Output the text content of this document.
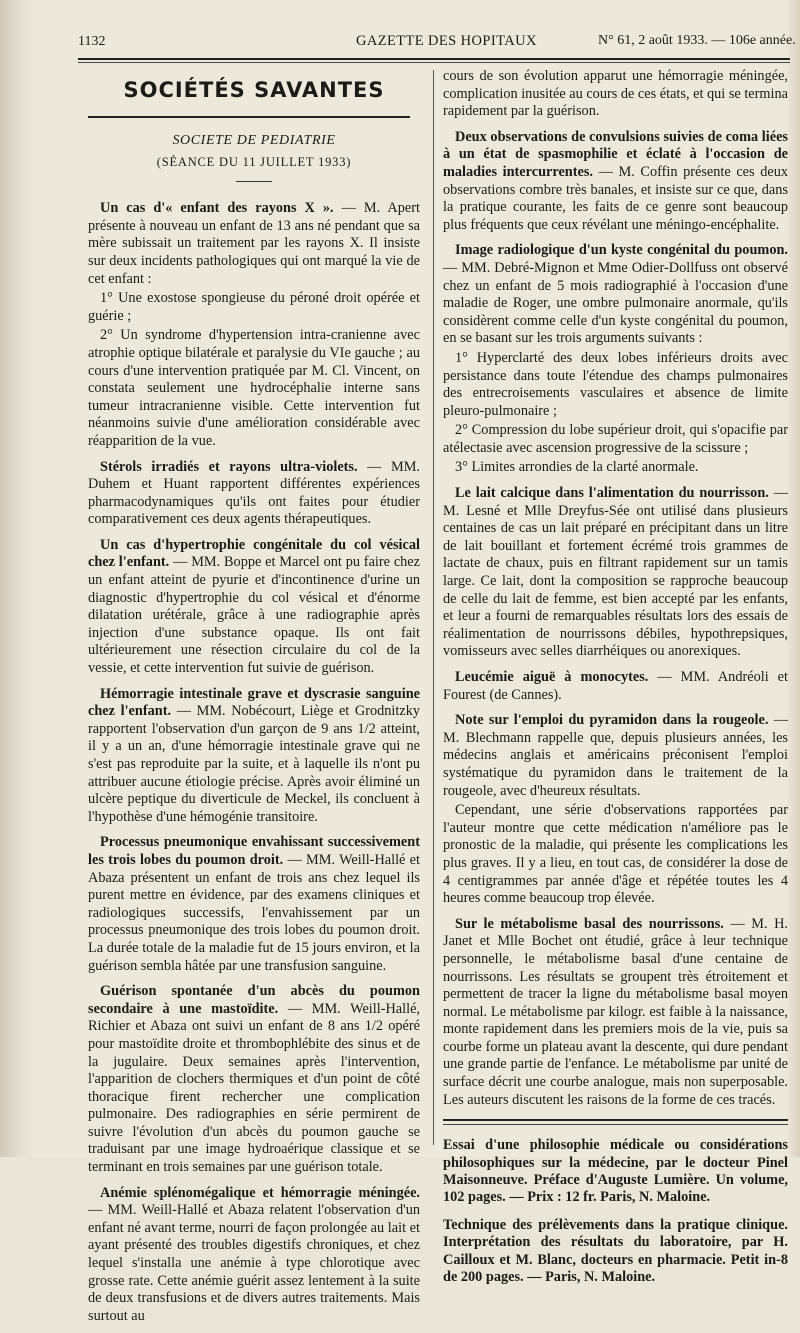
1132	GAZETTE DES HOPITAUX	N° 61, 2 août 1933. — 106e année.
SOCIÉTÉS SAVANTES
SOCIETE DE PEDIATRIE
(SÉANCE DU 11 JUILLET 1933)

Un cas d'« enfant des rayons X ». — M. Apert présente à nouveau un enfant de 13 ans né pendant que sa mère subissait un traitement par les rayons X. Il insiste sur deux incidents pathologiques qui ont marqué la vie de cet enfant :

1° Une exostose spongieuse du péroné droit opérée et guérie ;

2° Un syndrome d'hypertension intra-cranienne avec atrophie optique bilatérale et paralysie du VIe gauche ; au cours d'une intervention pratiquée par M. Cl. Vincent, on constata seulement une hydrocéphalie interne sans tumeur intracranienne visible. Cette intervention fut néanmoins suivie d'une amélioration considérable avec réapparition de la vue.

Stérols irradiés et rayons ultra-violets. — MM. Duhem et Huant rapportent différentes expériences pharmacodynamiques qu'ils ont faites pour étudier comparativement ces deux agents thérapeutiques.

Un cas d'hypertrophie congénitale du col vésical chez l'enfant. — MM. Boppe et Marcel ont pu faire chez un enfant atteint de pyurie et d'incontinence d'urine un diagnostic d'hypertrophie du col vésical et d'énorme dilatation urétérale, grâce à une radiographie après injection d'une substance opaque. Ils ont fait ultérieurement une résection circulaire du col de la vessie, et cette intervention fut suivie de guérison.

Hémorragie intestinale grave et dyscrasie sanguine chez l'enfant. — MM. Nobécourt, Liège et Grodnitzky rapportent l'observation d'un garçon de 9 ans 1/2 atteint, il y a un an, d'une hémorragie intestinale grave qui ne s'est pas reproduite par la suite, et à laquelle ils n'ont pu attribuer aucune étiologie précise. Après avoir éliminé un ulcère peptique du diverticule de Meckel, ils concluent à l'hypothèse d'une hémogénie transitoire.

Processus pneumonique envahissant successivement les trois lobes du poumon droit. — MM. Weill-Hallé et Abaza présentent un enfant de trois ans chez lequel ils purent mettre en évidence, par des examens cliniques et radiologiques successifs, l'envahissement par un processus pneumonique des trois lobes du poumon droit. La durée totale de la maladie fut de 15 jours environ, et la guérison sembla hâtée par une transfusion sanguine.

Guérison spontanée d'un abcès du poumon secondaire à une mastoïdite. — MM. Weill-Hallé, Richier et Abaza ont suivi un enfant de 8 ans 1/2 opéré pour mastoïdite droite et thrombophlébite des sinus et de la jugulaire. Deux semaines après l'intervention, l'apparition de clochers thermiques et d'un point de côté thoracique firent rechercher une complication pulmonaire. Des radiographies en série permirent de suivre l'évolution d'un abcès du poumon gauche se traduisant par une image hydroaérique classique et se terminant en trois semaines par une guérison totale.

Anémie splénomégalique et hémorragie méningée. — MM. Weill-Hallé et Abaza relatent l'observation d'un enfant né avant terme, nourri de façon prolongée au lait et ayant présenté des troubles digestifs chroniques, et chez lequel s'installa une anémie à type chlorotique avec grosse rate. Cette anémie guérit assez lentement à la suite de deux transfusions et de divers autres traitements. Mais surtout au

cours de son évolution apparut une hémorragie méningée, complication inusitée au cours de ces états, et qui se termina rapidement par la guérison.

Deux observations de convulsions suivies de coma liées à un état de spasmophilie et éclaté à l'occasion de maladies intercurrentes. — M. Coffin présente ces deux observations combre très banales, et insiste sur ce que, dans la pratique courante, les faits de ce genre sont beaucoup plus fréquents que ceux révélant une méningo-encéphalite.

Image radiologique d'un kyste congénital du poumon. — MM. Debré-Mignon et Mme Odier-Dollfuss ont observé chez un enfant de 5 mois radiographié à l'occasion d'une maladie de Roger, une ombre pulmonaire anormale, qu'ils considèrent comme celle d'un kyste congénital du poumon, en se basant sur les trois arguments suivants :

1° Hyperclarté des deux lobes inférieurs droits avec persistance dans toute l'étendue des champs pulmonaires des entrecroisements vasculaires et absence de limite pleuro-pulmonaire ;

2° Compression du lobe supérieur droit, qui s'opacifie par atélectasie avec ascension progressive de la scissure ;

3° Limites arrondies de la clarté anormale.

Le lait calcique dans l'alimentation du nourrisson. — M. Lesné et Mlle Dreyfus-Sée ont utilisé dans plusieurs centaines de cas un lait préparé en précipitant dans un litre de lait bouillant et fortement écrémé trois grammes de lactate de chaux, puis en filtrant rapidement sur un tamis large. Ce lait, dont la composition se rapproche beaucoup de celle du lait de femme, est bien accepté par les enfants, et leur a fourni de remarquables résultats lors des essais de réalimentation de nourrissons débiles, hypothrepsiques, vomisseurs avec selles diarrhéiques ou anorexiques.

Leucémie aiguë à monocytes. — MM. Andréoli et Fourest (de Cannes).

Note sur l'emploi du pyramidon dans la rougeole. — M. Blechmann rappelle que, depuis plusieurs années, les médecins anglais et américains préconisent l'emploi systématique du pyramidon dans le traitement de la rougeole, avec d'heureux résultats.

Cependant, une série d'observations rapportées par l'auteur montre que cette médication n'améliore pas le pronostic de la maladie, qui présente les complications les plus graves. Il y a lieu, en tout cas, de considérer la dose de 4 centigrammes par année d'âge et répétée toutes les 4 heures comme beaucoup trop élevée.

Sur le métabolisme basal des nourrissons. — M. H. Janet et Mlle Bochet ont étudié, grâce à leur technique personnelle, le métabolisme basal d'une centaine de nourrissons. Les résultats se groupent très étroitement et permettent de tracer la ligne du métabolisme basal moyen normal. Le métabolisme par kilogr. est faible à la naissance, monte rapidement dans les premiers mois de la vie, puis sa courbe forme un plateau avant la descente, qui dure pendant une grande partie de l'enfance. Le métabolisme par unité de surface décrit une courbe analogue, mais non superposable. Les auteurs discutent les raisons de la forme de ces tracés.

Essai d'une philosophie médicale ou considérations philosophiques sur la médecine, par le docteur Pinel Maisonneuve. Préface d'Auguste Lumière. Un volume, 102 pages. — Prix : 12 fr. Paris, N. Maloine.

Technique des prélèvements dans la pratique clinique. Interprétation des résultats du laboratoire, par H. Cailloux et M. Blanc, docteurs en pharmacie. Petit in-8 de 200 pages. — Paris, N. Maloine.
